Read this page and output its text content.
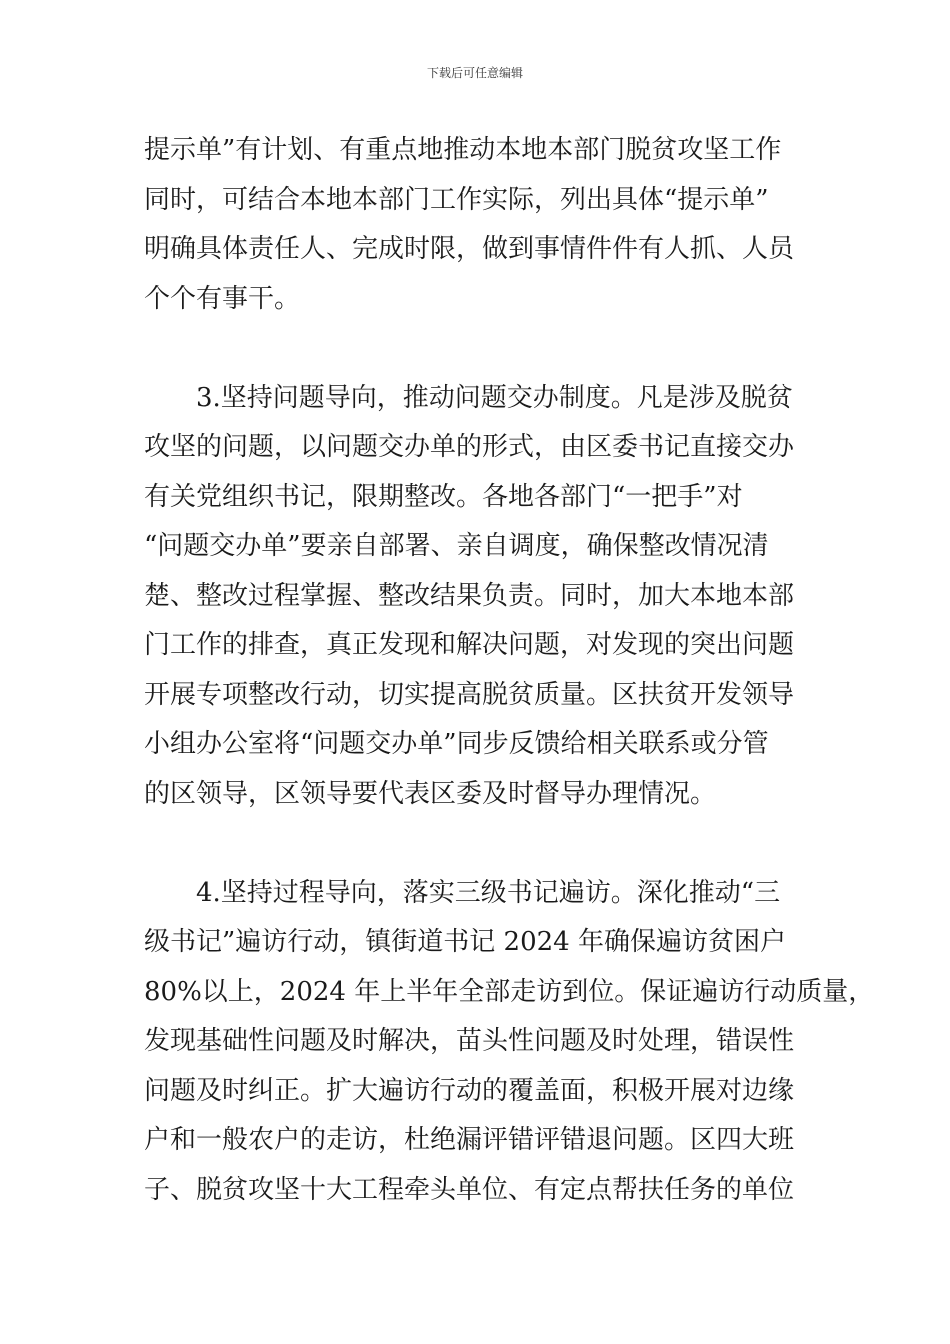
下载后可任意编辑
提示单”有计划、有重点地推动本地本部门脱贫攻坚工作
同时，可结合本地本部门工作实际，列出具体“提示单”
明确具体责任人、完成时限，做到事情件件有人抓、人员
个个有事干。
3.坚持问题导向，推动问题交办制度。凡是涉及脱贫
攻坚的问题，以问题交办单的形式，由区委书记直接交办
有关党组织书记，限期整改。各地各部门“一把手”对
“问题交办单”要亲自部署、亲自调度，确保整改情况清
楚、整改过程掌握、整改结果负责。同时，加大本地本部
门工作的排查，真正发现和解决问题，对发现的突出问题
开展专项整改行动，切实提高脱贫质量。区扶贫开发领导
小组办公室将“问题交办单”同步反馈给相关联系或分管
的区领导，区领导要代表区委及时督导办理情况。
4.坚持过程导向，落实三级书记遍访。深化推动“三
级书记”遍访行动，镇街道书记 2024 年确保遍访贫困户
80%以上，2024 年上半年全部走访到位。保证遍访行动质量，
发现基础性问题及时解决，苗头性问题及时处理，错误性
问题及时纠正。扩大遍访行动的覆盖面，积极开展对边缘
户和一般农户的走访，杜绝漏评错评错退问题。区四大班
子、脱贫攻坚十大工程牵头单位、有定点帮扶任务的单位
